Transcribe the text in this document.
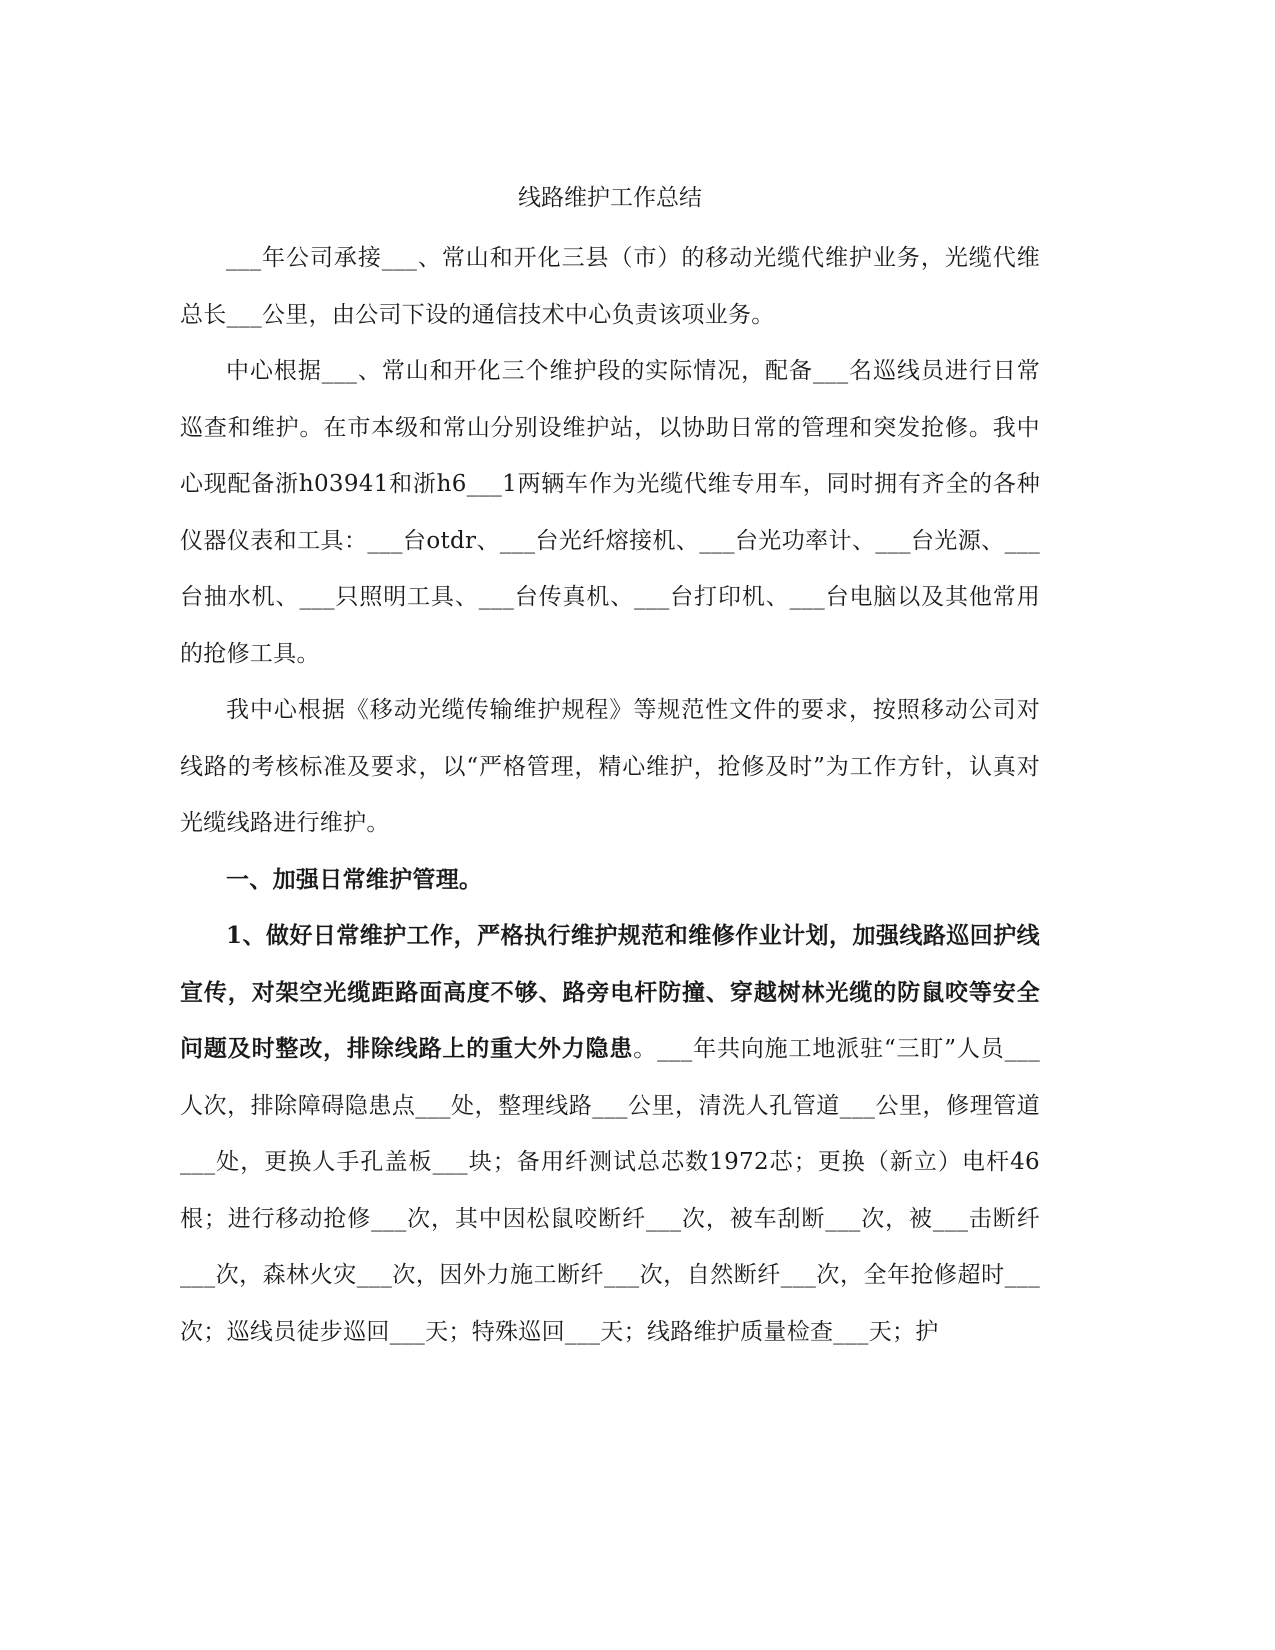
线路维护工作总结

___年公司承接___、常山和开化三县（市）的移动光缆代维护业务，光缆代维总长___公里，由公司下设的通信技术中心负责该项业务。

中心根据___、常山和开化三个维护段的实际情况，配备___名巡线员进行日常巡查和维护。在市本级和常山分别设维护站，以协助日常的管理和突发抢修。我中心现配备浙h03941和浙h6___1两辆车作为光缆代维专用车，同时拥有齐全的各种仪器仪表和工具：___台otdr、___台光纤熔接机、___台光功率计、___台光源、___台抽水机、___只照明工具、___台传真机、___台打印机、___台电脑以及其他常用的抢修工具。

我中心根据《移动光缆传输维护规程》等规范性文件的要求，按照移动公司对线路的考核标准及要求，以“严格管理，精心维护，抢修及时”为工作方针，认真对光缆线路进行维护。

一、加强日常维护管理。

1、做好日常维护工作，严格执行维护规范和维修作业计划，加强线路巡回护线宣传，对架空光缆距路面高度不够、路旁电杆防撞、穿越树林光缆的防鼠咬等安全问题及时整改，排除线路上的重大外力隐患。___年共向施工地派驻“三盯”人员___人次，排除障碍隐患点___处，整理线路___公里，清洗人孔管道___公里，修理管道___处，更换人手孔盖板___块；备用纤测试总芯数1972芯；更换（新立）电杆46根；进行移动抢修___次，其中因松鼠咬断纤___次，被车刮断___次，被___击断纤___次，森林火灾___次，因外力施工断纤___次，自然断纤___次，全年抢修超时___次；巡线员徒步巡回___天；特殊巡回___天；线路维护质量检查___天；护
